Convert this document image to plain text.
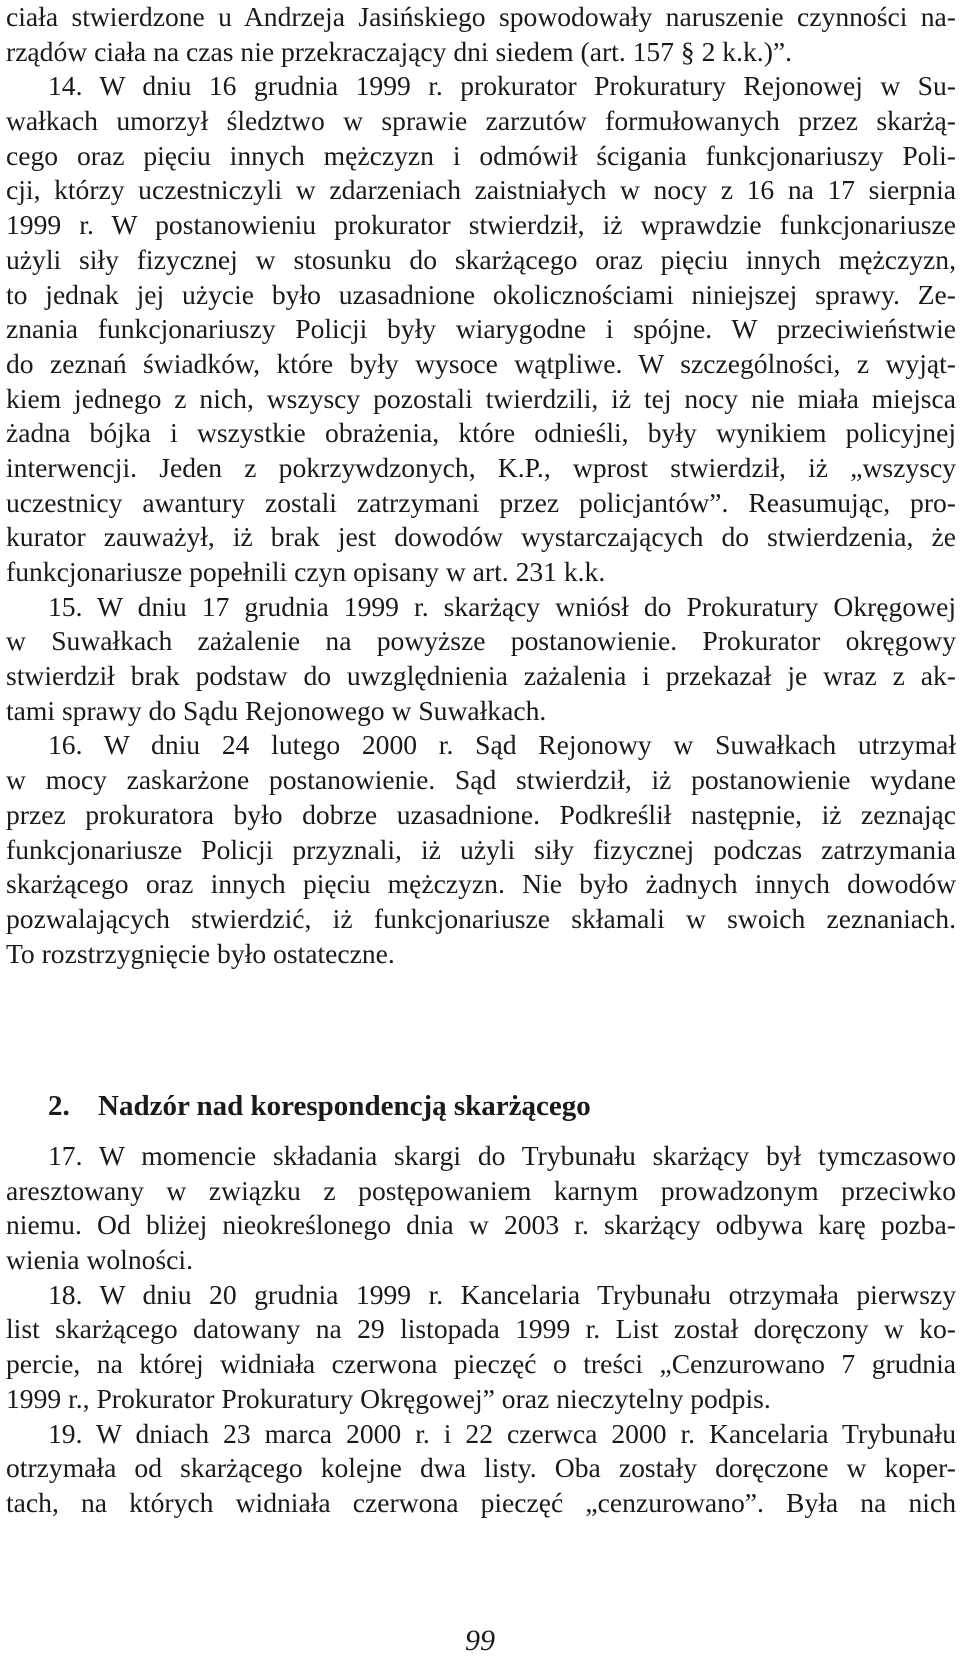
ciała stwierdzone u Andrzeja Jasińskiego spowodowały naruszenie czynności na-
rządów ciała na czas nie przekraczający dni siedem (art. 157 § 2 k.k.)”.
14. W dniu 16 grudnia 1999 r. prokurator Prokuratury Rejonowej w Su-
wałkach umorzył śledztwo w sprawie zarzutów formułowanych przez skarżą-
cego oraz pięciu innych mężczyzn i odmówił ścigania funkcjonariuszy Poli-
cji, którzy uczestniczyli w zdarzeniach zaistniałych w nocy z 16 na 17 sierpnia
1999 r. W postanowieniu prokurator stwierdził, iż wprawdzie funkcjonariusze
użyli siły fizycznej w stosunku do skarżącego oraz pięciu innych mężczyzn,
to jednak jej użycie było uzasadnione okolicznościami niniejszej sprawy. Ze-
znania funkcjonariuszy Policji były wiarygodne i spójne. W przeciwieństwie
do zeznań świadków, które były wysoce wątpliwe. W szczególności, z wyjąt-
kiem jednego z nich, wszyscy pozostali twierdzili, iż tej nocy nie miała miejsca
żadna bójka i wszystkie obrażenia, które odnieśli, były wynikiem policyjnej
interwencji. Jeden z pokrzywdzonych, K.P., wprost stwierdził, iż „wszyscy
uczestnicy awantury zostali zatrzymani przez policjantów”. Reasumując, pro-
kurator zauważył, iż brak jest dowodów wystarczających do stwierdzenia, że
funkcjonariusze popełnili czyn opisany w art. 231 k.k.
15. W dniu 17 grudnia 1999 r. skarżący wniósł do Prokuratury Okręgowej
w Suwałkach zażalenie na powyższe postanowienie. Prokurator okręgowy
stwierdził brak podstaw do uwzględnienia zażalenia i przekazał je wraz z ak-
tami sprawy do Sądu Rejonowego w Suwałkach.
16. W dniu 24 lutego 2000 r. Sąd Rejonowy w Suwałkach utrzymał
w mocy zaskarżone postanowienie. Sąd stwierdził, iż postanowienie wydane
przez prokuratora było dobrze uzasadnione. Podkreślił następnie, iż zeznając
funkcjonariusze Policji przyznali, iż użyli siły fizycznej podczas zatrzymania
skarżącego oraz innych pięciu mężczyzn. Nie było żadnych innych dowodów
pozwalających stwierdzić, iż funkcjonariusze skłamali w swoich zeznaniach.
To rozstrzygnięcie było ostateczne.
2. Nadzór nad korespondencją skarżącego
17. W momencie składania skargi do Trybunału skarżący był tymczasowo
aresztowany w związku z postępowaniem karnym prowadzonym przeciwko
niemu. Od bliżej nieokreślonego dnia w 2003 r. skarżący odbywa karę pozba-
wienia wolności.
18. W dniu 20 grudnia 1999 r. Kancelaria Trybunału otrzymała pierwszy
list skarżącego datowany na 29 listopada 1999 r. List został doręczony w ko-
percie, na której widniała czerwona pieczęć o treści „Cenzurowano 7 grudnia
1999 r., Prokurator Prokuratury Okręgowej” oraz nieczytelny podpis.
19. W dniach 23 marca 2000 r. i 22 czerwca 2000 r. Kancelaria Trybunału
otrzymała od skarżącego kolejne dwa listy. Oba zostały doręczone w koper-
tach, na których widniała czerwona pieczęć „cenzurowano”. Była na nich
99
